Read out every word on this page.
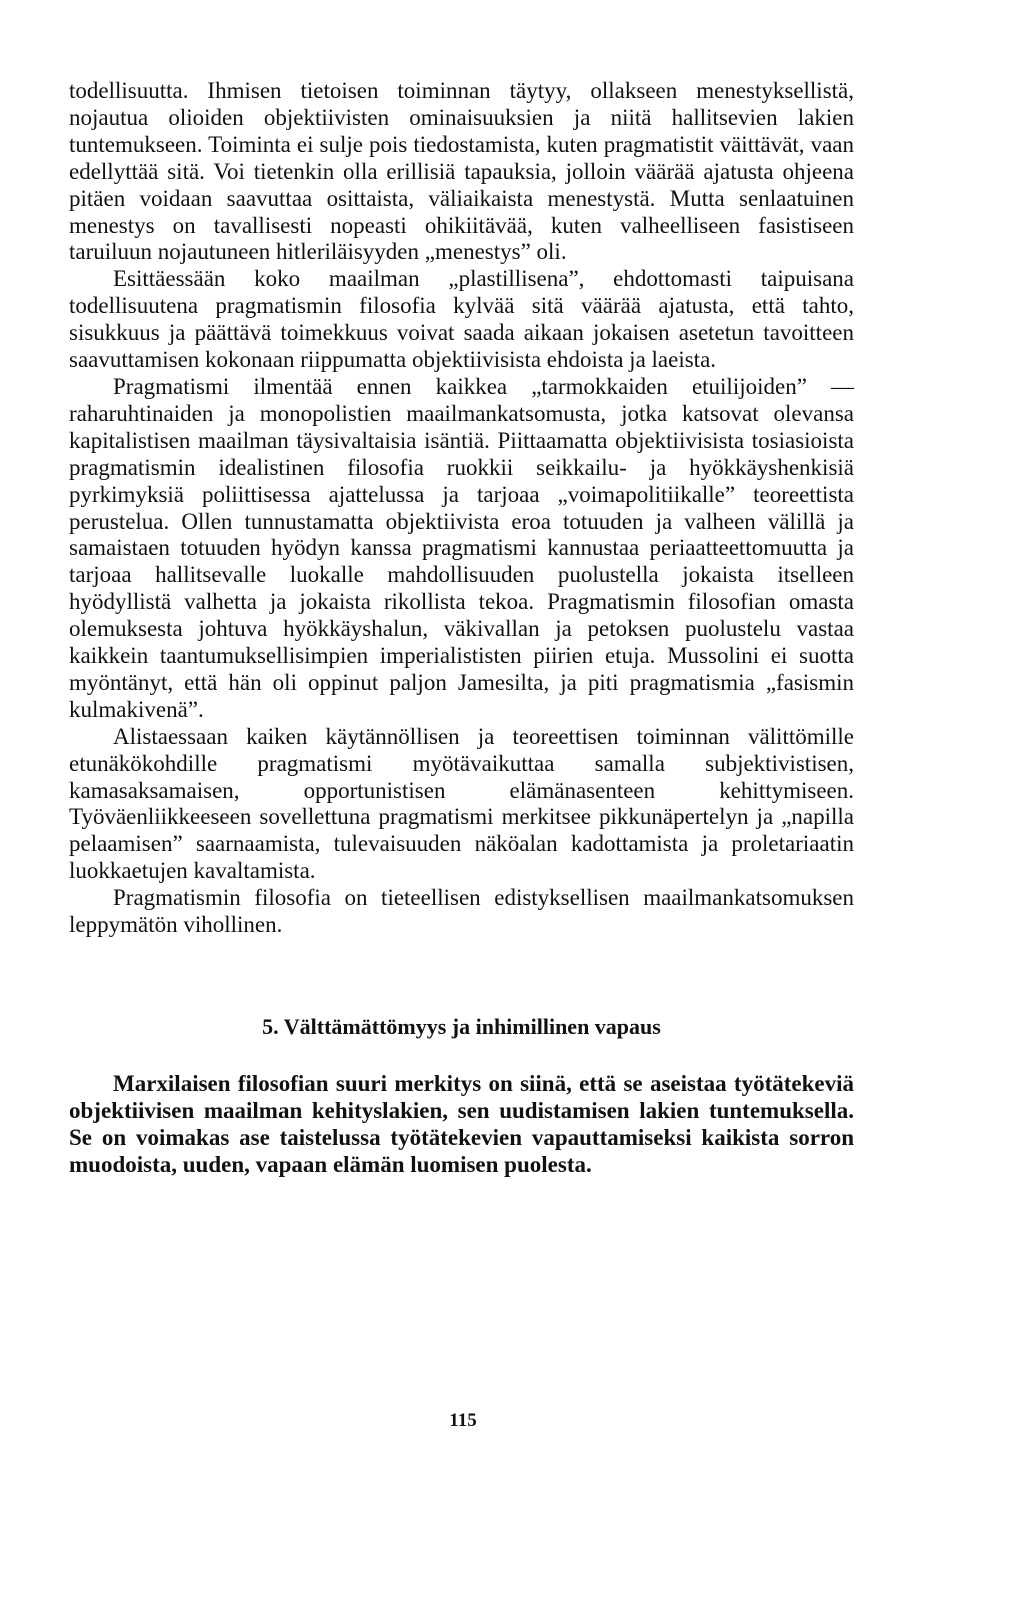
todellisuutta. Ihmisen tietoisen toiminnan täytyy, ollakseen menestyksellistä, nojautua olioiden objektiivisten ominaisuuksien ja niitä hallitsevien lakien tuntemukseen. Toiminta ei sulje pois tiedostamista, kuten pragmatistit väittävät, vaan edellyttää sitä. Voi tietenkin olla erillisiä tapauksia, jolloin väärää ajatusta ohjeena pitäen voidaan saavuttaa osittaista, väliaikaista menestystä. Mutta senlaatuinen menestys on tavallisesti nopeasti ohikiitävää, kuten valheelliseen fasistiseen taruiluun nojautuneen hitleriläisyyden „menestys” oli.

Esittäessään koko maailman „plastillisena”, ehdottomasti taipuisana todellisuutena pragmatismin filosofia kylvää sitä väärää ajatusta, että tahto, sisukkuus ja päättävä toimekkuus voivat saada aikaan jokaisen asetetun tavoitteen saavuttamisen kokonaan riippumatta objektiivisista ehdoista ja laeista.

Pragmatismi ilmentää ennen kaikkea „tarmokkaiden etuilijoiden” — raharuhtinaiden ja monopolistien maailmankatsomusta, jotka katsovat olevansa kapitalistisen maailman täysivaltaisia isäntiä. Piittaamatta objektiivisista tosiasioista pragmatismin idealistinen filosofia ruokkii seikkailu- ja hyökkäyshenkisiä pyrkimyksiä poliittisessa ajattelussa ja tarjoaa „voimapolitiikalle” teoreettista perustelua. Ollen tunnustamatta objektiivista eroa totuuden ja valheen välillä ja samaistaen totuuden hyödyn kanssa pragmatismi kannustaa periaatteettomuutta ja tarjoaa hallitsevalle luokalle mahdollisuuden puolustella jokaista itselleen hyödyllistä valhetta ja jokaista rikollista tekoa. Pragmatismin filosofian omasta olemuksesta johtuva hyökkäyshalun, väkivallan ja petoksen puolustelu vastaa kaikkein taantumuksellisimpien imperialististen piirien etuja. Mussolini ei suotta myöntänyt, että hän oli oppinut paljon Jamesilta, ja piti pragmatismia „fasismin kulmakivenä”.

Alistaessaan kaiken käytännöllisen ja teoreettisen toiminnan välittömille etunäkökohdille pragmatismi myötävaikuttaa samalla subjektivistisen, kamasaksamaisen, opportunistisen elämänasenteen kehittymiseen. Työväenliikkeeseen sovellettuna pragmatismi merkitsee pikkunäpertelyn ja „napilla pelaamisen” saarnaamista, tulevaisuuden näköalan kadottamista ja proletariaatin luokkaetujen kavaltamista.

Pragmatismin filosofia on tieteellisen edistyksellisen maailmankatsomuksen leppymätön vihollinen.

5. Välttämättömyys ja inhimillinen vapaus

Marxilaisen filosofian suuri merkitys on siinä, että se aseistaa työtätekeviä objektiivisen maailman kehityslakien, sen uudistamisen lakien tuntemuksella. Se on voimakas ase taistelussa työtätekevien vapauttamiseksi kaikista sorron muodoista, uuden, vapaan elämän luomisen puolesta.

115
